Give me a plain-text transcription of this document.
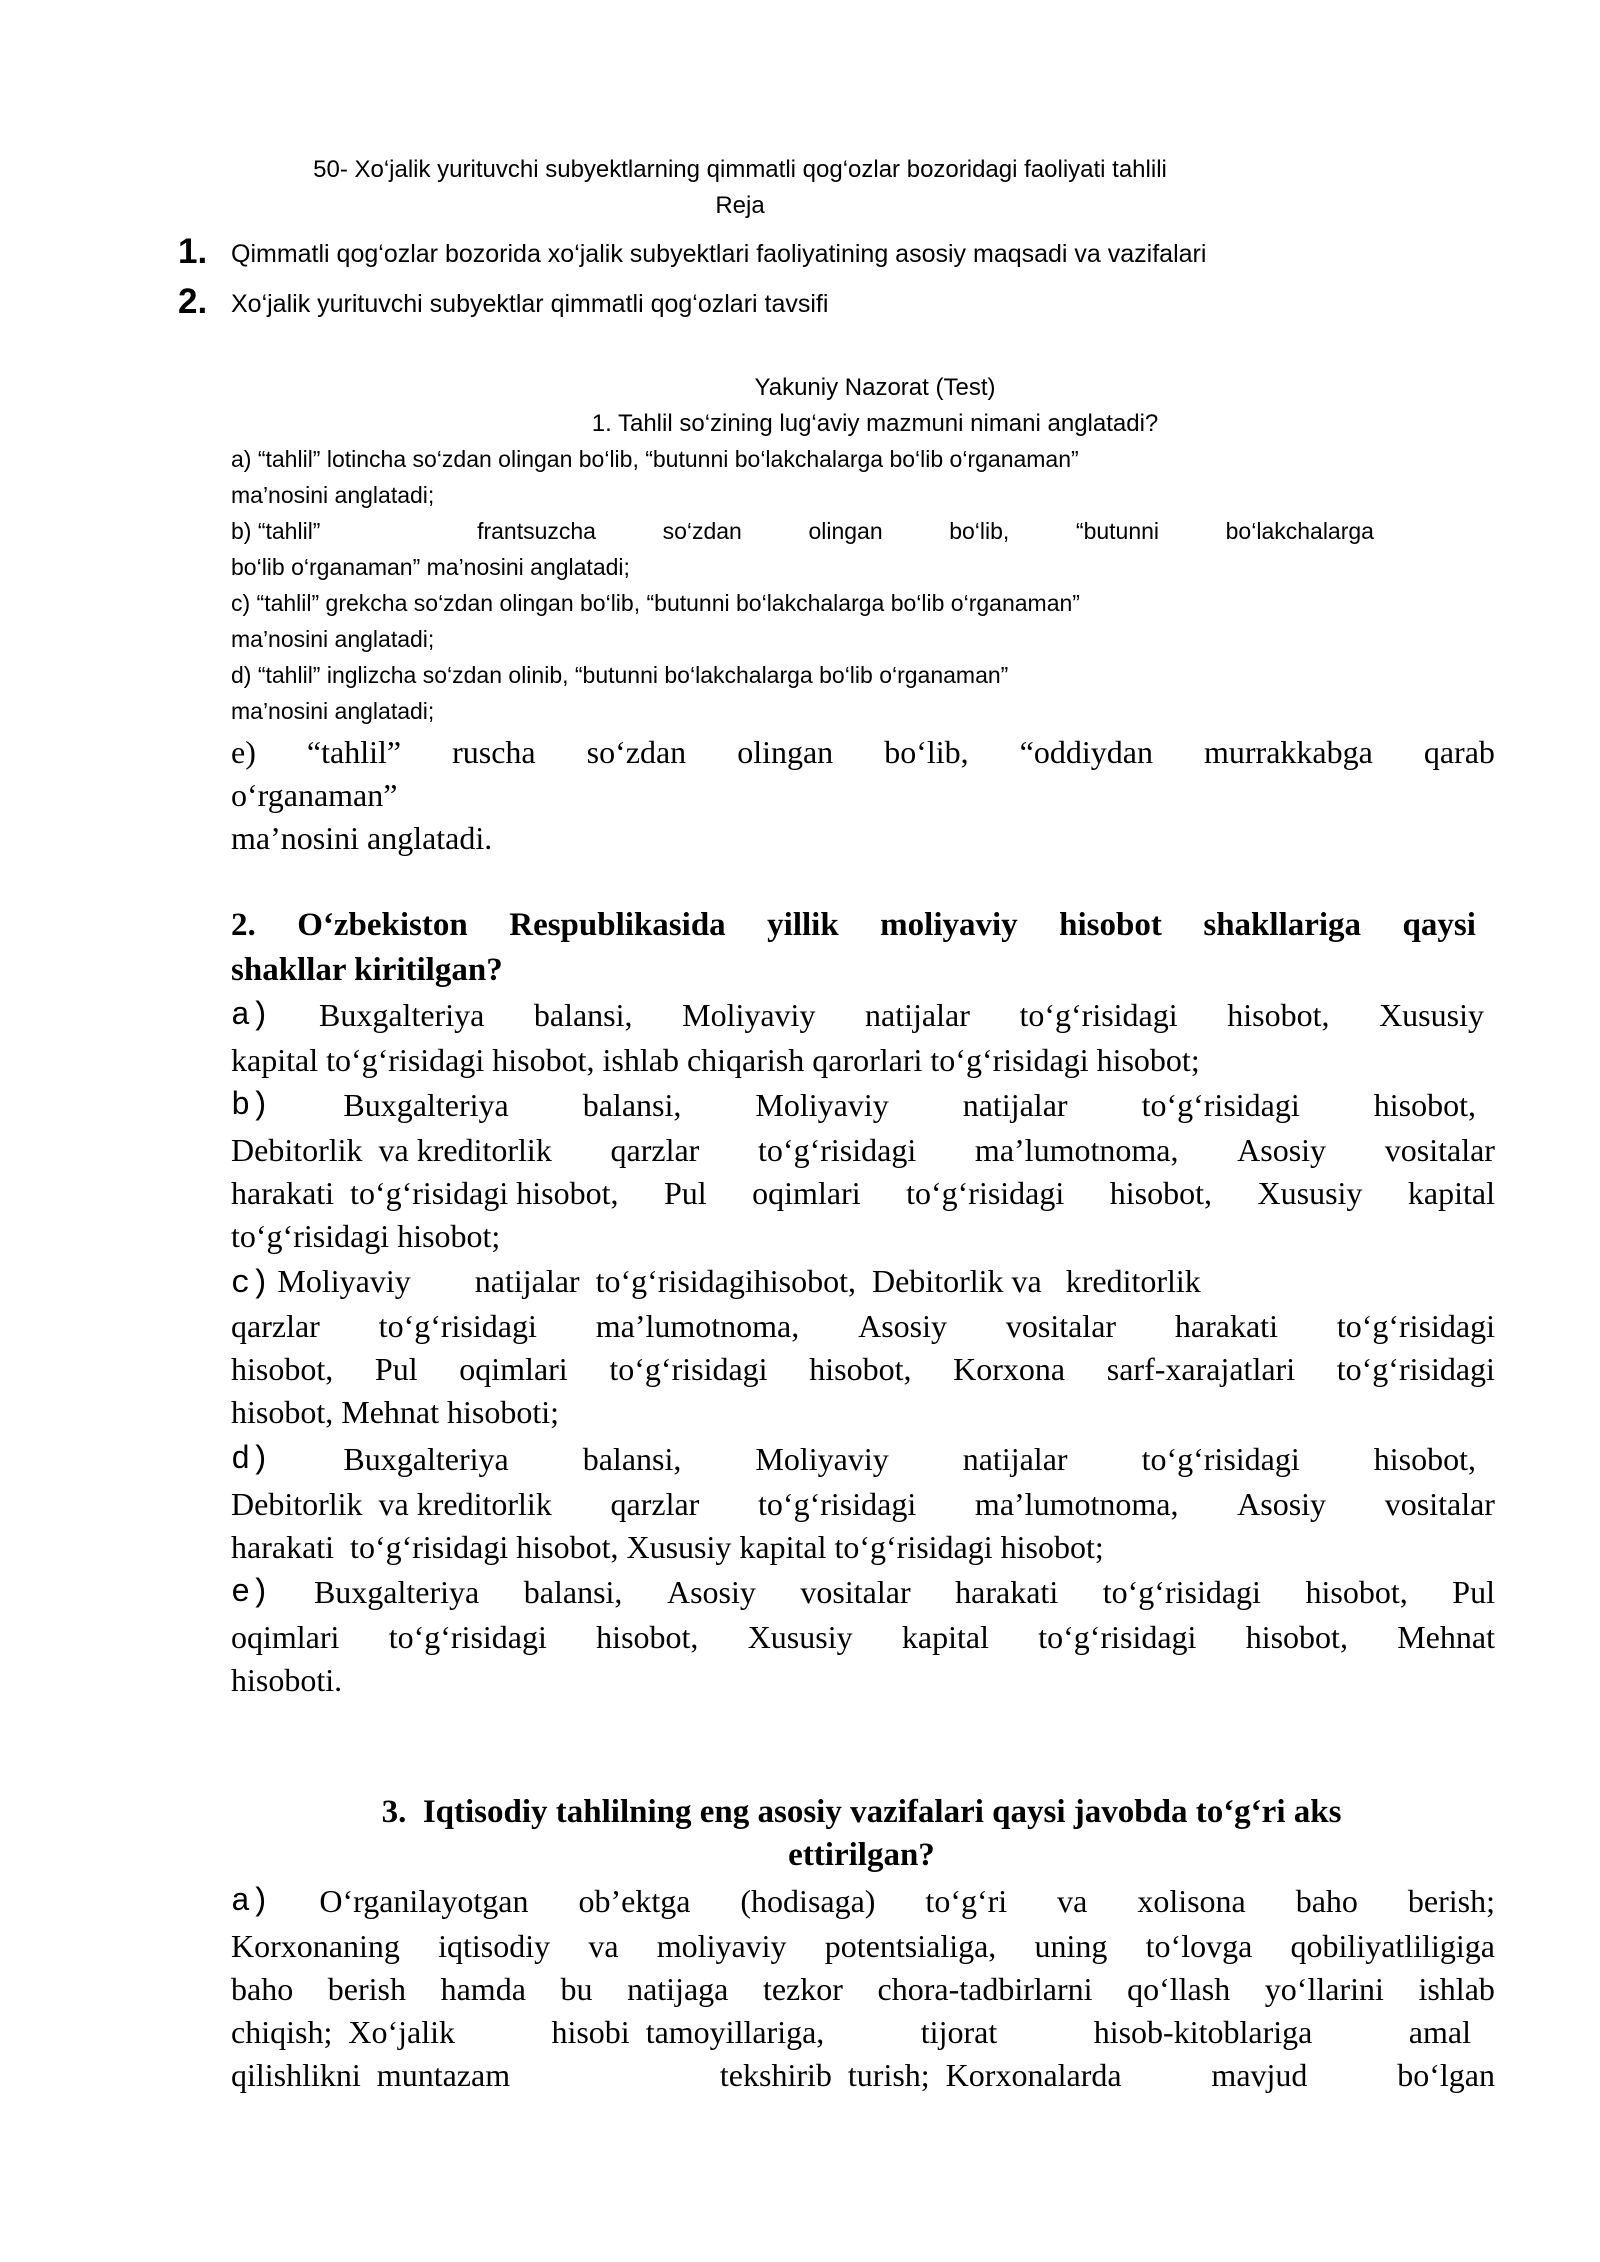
50- Xo‘jalik yurituvchi subyektlarning qimmatli qog‘ozlar bozoridagi faoliyati tahlili
Reja
1. Qimmatli qog‘ozlar bozorida xo‘jalik subyektlari faoliyatining asosiy maqsadi va vazifalari
2. Xo‘jalik yurituvchi subyektlar qimmatli qog‘ozlari tavsifi
Yakuniy Nazorat (Test)
1. Tahlil so‘zining lug‘aviy mazmuni nimani anglatadi?
a) “tahlil” lotincha so‘zdan olingan bo‘lib, “butunni bo‘lakchalarga bo‘lib o‘rganaman”
ma’nosini anglatadi;
b) “tahlil”	frantsuzcha	so‘zdan	olingan	bo‘lib,	“butunni	bo‘lakchalarga
bo‘lib o‘rganaman” ma’nosini anglatadi;
c) “tahlil” grekcha so‘zdan olingan bo‘lib, “butunni bo‘lakchalarga bo‘lib o‘rganaman”
ma’nosini anglatadi;
d) “tahlil” inglizcha so‘zdan olinib, “butunni bo‘lakchalarga bo‘lib o‘rganaman”
ma’nosini anglatadi;
e) “tahlil” ruscha so‘zdan olingan bo‘lib, “oddiydan murrakkabga qarab
o‘rganaman”
ma’nosini anglatadi.
2. O‘zbekiston Respublikasida yillik moliyaviy hisobot shakllariga qaysi
shakllar kiritilgan?
a) Buxgalteriya balansi, Moliyaviy natijalar to‘g‘risidagi hisobot, Xususiy
kapital to‘g‘risidagi hisobot, ishlab chiqarish qarorlari to‘g‘risidagi hisobot;
b) Buxgalteriya balansi, Moliyaviy natijalar to‘g‘risidagi hisobot,
Debitorlik  va kreditorlik qarzlar to‘g‘risidagi ma’lumotnoma, Asosiy vositalar
harakati  to‘g‘risidagi hisobot, Pul oqimlari to‘g‘risidagi hisobot, Xususiy kapital
to‘g‘risidagi hisobot;
c) Moliyaviy        natijalar  to‘g‘risidagihisobot,  Debitorlik va   kreditorlik
qarzlar to‘g‘risidagi ma’lumotnoma, Asosiy vositalar harakati to‘g‘risidagi
hisobot, Pul oqimlari to‘g‘risidagi hisobot, Korxona sarf-xarajatlari to‘g‘risidagi
hisobot, Mehnat hisoboti;
d) Buxgalteriya balansi, Moliyaviy natijalar to‘g‘risidagi hisobot,
Debitorlik  va kreditorlik qarzlar to‘g‘risidagi ma’lumotnoma, Asosiy vositalar
harakati  to‘g‘risidagi hisobot, Xususiy kapital to‘g‘risidagi hisobot;
e) Buxgalteriya balansi, Asosiy vositalar harakati to‘g‘risidagi hisobot, Pul
oqimlari to‘g‘risidagi hisobot, Xususiy kapital to‘g‘risidagi hisobot, Mehnat
hisoboti.
3.  Iqtisodiy tahlilning eng asosiy vazifalari qaysi javobda to‘g‘ri aks
ettirilgan?
a) O‘rganilayotgan ob’ektga (hodisaga) to‘g‘ri va xolisona baho berish;
Korxonaning iqtisodiy va moliyaviy potentsialiga, uning to‘lovga qobiliyatliligiga
baho berish hamda bu natijaga tezkor chora-tadbirlarni qo‘llash yo‘llarini ishlab
chiqish;  Xo‘jalik	hisobi  tamoyillariga,	tijorat	hisob-kitoblariga	amal
qilishlikni  muntazam	tekshirib  turish;  Korxonalarda	mavjud	bo‘lgan
